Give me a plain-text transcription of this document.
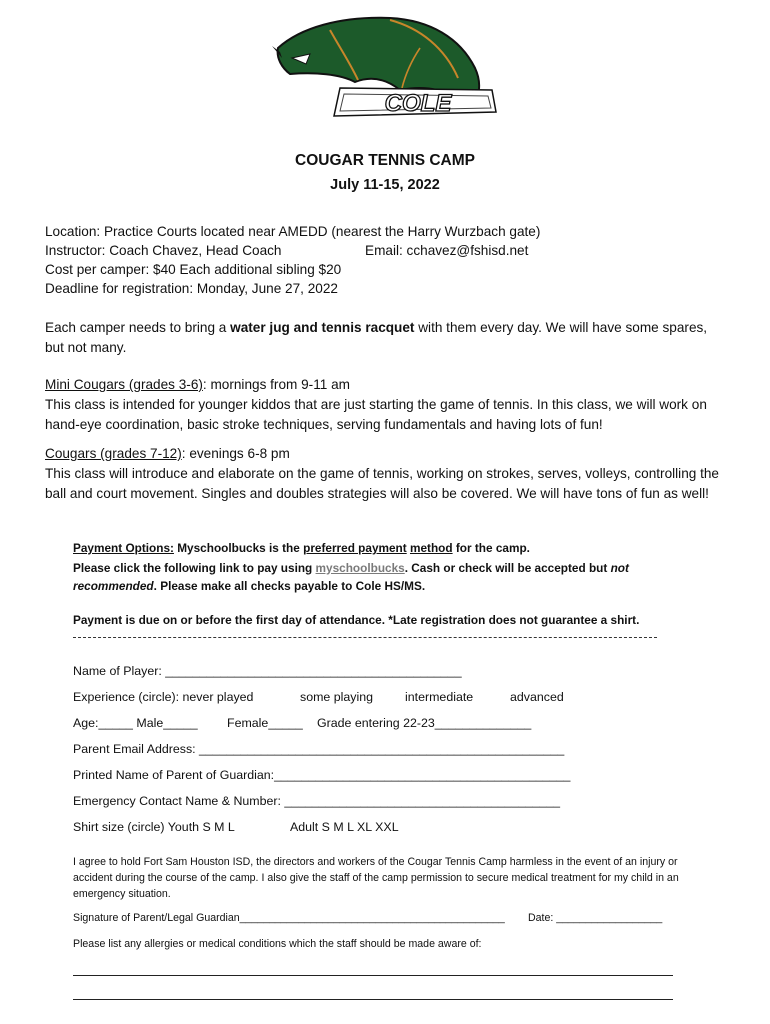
COLE
COUGAR TENNIS CAMP
July 11-15, 2022
Location: Practice Courts located near AMEDD (nearest the Harry Wurzbach gate)
Instructor: Coach Chavez, Head Coach	Email: cchavez@fshisd.net
Cost per camper: $40 Each additional sibling $20
Deadline for registration: Monday, June 27, 2022
Each camper needs to bring a water jug and tennis racquet with them every day. We will have some spares, but not many.
Mini Cougars (grades 3-6): mornings from 9-11 am
This class is intended for younger kiddos that are just starting the game of tennis. In this class, we will work on hand-eye coordination, basic stroke techniques, serving fundamentals and having lots of fun!
Cougars (grades 7-12): evenings 6-8 pm
This class will introduce and elaborate on the game of tennis, working on strokes, serves, volleys, controlling the ball and court movement. Singles and doubles strategies will also be covered. We will have tons of fun as well!
Payment Options: Myschoolbucks is the preferred payment method for the camp.
Please click the following link to pay using myschoolbucks. Cash or check will be accepted but not recommended. Please make all checks payable to Cole HS/MS.
Payment is due on or before the first day of attendance. *Late registration does not guarantee a shirt.
Name of Player: ___________________________________________
Experience (circle): never played	some playing	intermediate	advanced
Age:_____ Male_____ Female_____ Grade entering 22-23______________
Parent Email Address: _____________________________________________________
Printed Name of Parent of Guardian:___________________________________________
Emergency Contact Name & Number: ________________________________________
Shirt size (circle) Youth S M L	Adult S M L XL XXL
I agree to hold Fort Sam Houston ISD, the directors and workers of the Cougar Tennis Camp harmless in the event of an injury or accident during the course of the camp. I also give the staff of the camp permission to secure medical treatment for my child in an emergency situation.
Signature of Parent/Legal Guardian_____________________________________________ Date: __________________
Please list any allergies or medical conditions which the staff should be made aware of:
